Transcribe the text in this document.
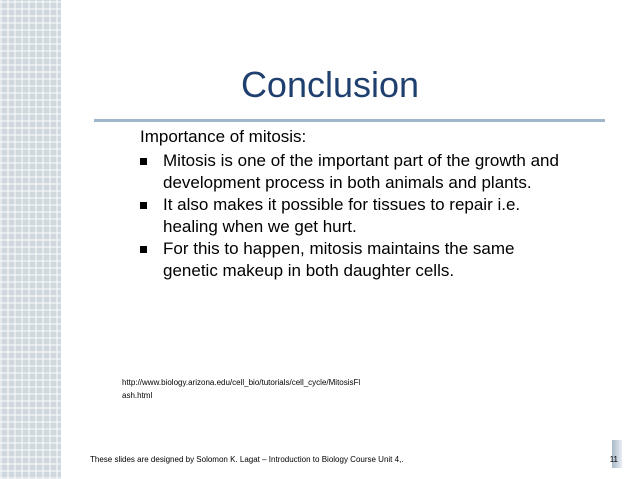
Conclusion

Importance of mitosis:

Mitosis is one of the important part of the growth and development process in both animals and plants.
It also makes it possible for tissues to repair i.e. healing when we get hurt.
For this to happen, mitosis maintains the same genetic makeup in both daughter cells.
http://www.biology.arizona.edu/cell_bio/tutorials/cell_cycle/MitosisFlash.html
These slides are designed by Solomon K. Lagat – Introduction to Biology Course Unit 4,.	11
